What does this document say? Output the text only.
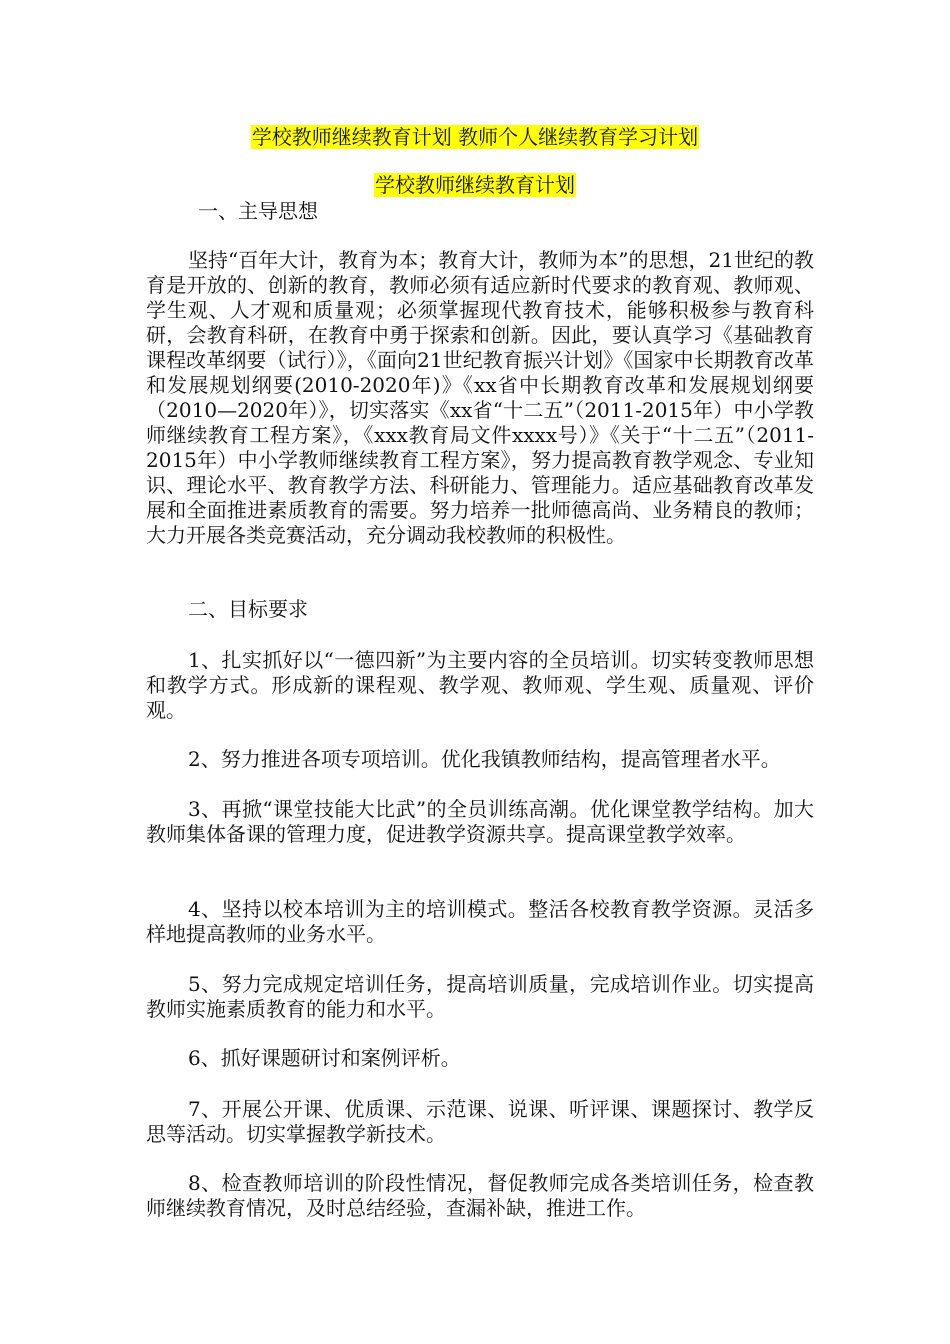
学校教师继续教育计划 教师个人继续教育学习计划
学校教师继续教育计划

一、主导思想

坚持“百年大计，教育为本；教育大计，教师为本”的思想，21世纪的教育是开放的、创新的教育，教师必须有适应新时代要求的教育观、教师观、学生观、人才观和质量观；必须掌握现代教育技术，能够积极参与教育科研，会教育科研，在教育中勇于探索和创新。因此，要认真学习《基础教育课程改革纲要（试行）》，《面向21世纪教育振兴计划》《国家中长期教育改革和发展规划纲要(2010-2020年)》《xx省中长期教育改革和发展规划纲要（2010—2020年）》，切实落实《xx省“十二五”（2011-2015年）中小学教师继续教育工程方案》，《xxx教育局文件xxxx号）》《关于“十二五”（2011-2015年）中小学教师继续教育工程方案》，努力提高教育教学观念、专业知识、理论水平、教育教学方法、科研能力、管理能力。适应基础教育改革发展和全面推进素质教育的需要。努力培养一批师德高尚、业务精良的教师；大力开展各类竞赛活动，充分调动我校教师的积极性。

二、目标要求

1、扎实抓好以“一德四新”为主要内容的全员培训。切实转变教师思想和教学方式。形成新的课程观、教学观、教师观、学生观、质量观、评价观。

2、努力推进各项专项培训。优化我镇教师结构，提高管理者水平。

3、再掀“课堂技能大比武”的全员训练高潮。优化课堂教学结构。加大教师集体备课的管理力度，促进教学资源共享。提高课堂教学效率。

4、坚持以校本培训为主的培训模式。整活各校教育教学资源。灵活多样地提高教师的业务水平。

5、努力完成规定培训任务，提高培训质量，完成培训作业。切实提高教师实施素质教育的能力和水平。

6、抓好课题研讨和案例评析。

7、开展公开课、优质课、示范课、说课、听评课、课题探讨、教学反思等活动。切实掌握教学新技术。

8、检查教师培训的阶段性情况，督促教师完成各类培训任务，检查教师继续教育情况，及时总结经验，查漏补缺，推进工作。
